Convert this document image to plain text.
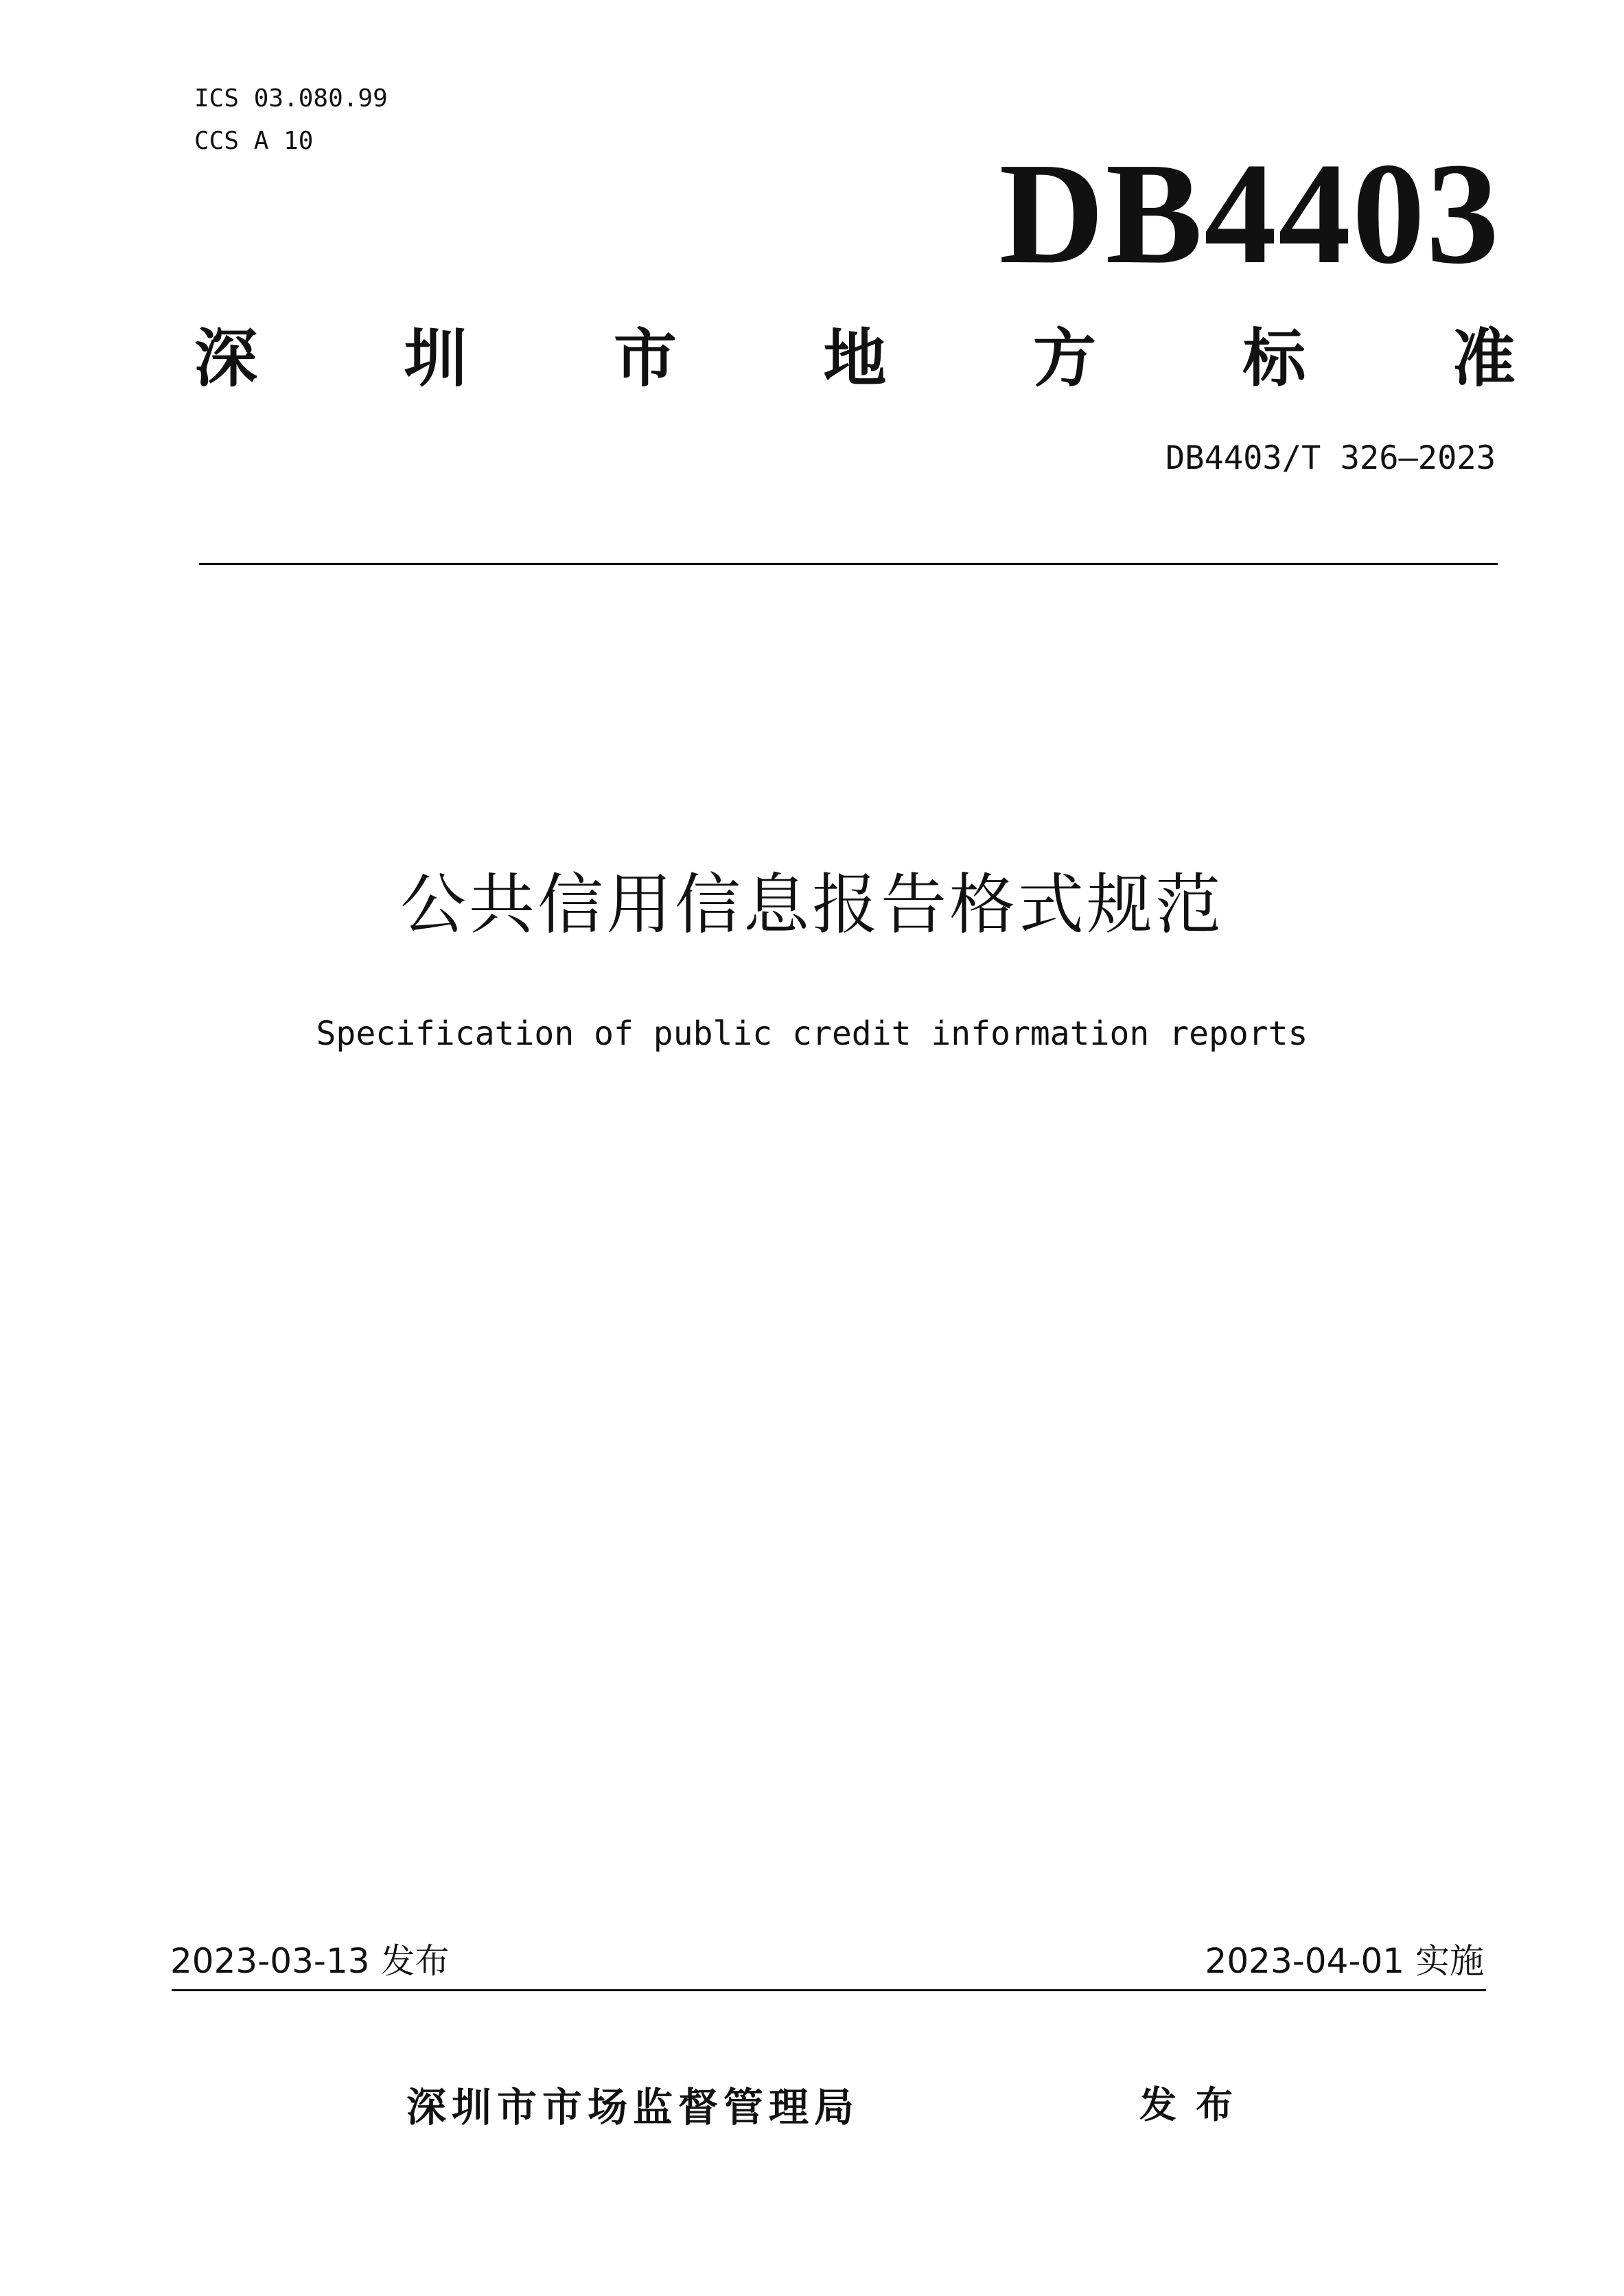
ICS 03.080.99
CCS A 10	DB4403
深 圳 市 地 方 标 准
DB4403/T 326—2023
公共信用信息报告格式规范
Specification of public credit information reports
2023-03-13 发布	2023-04-01 实施
深圳市市场监督管理局	发布
